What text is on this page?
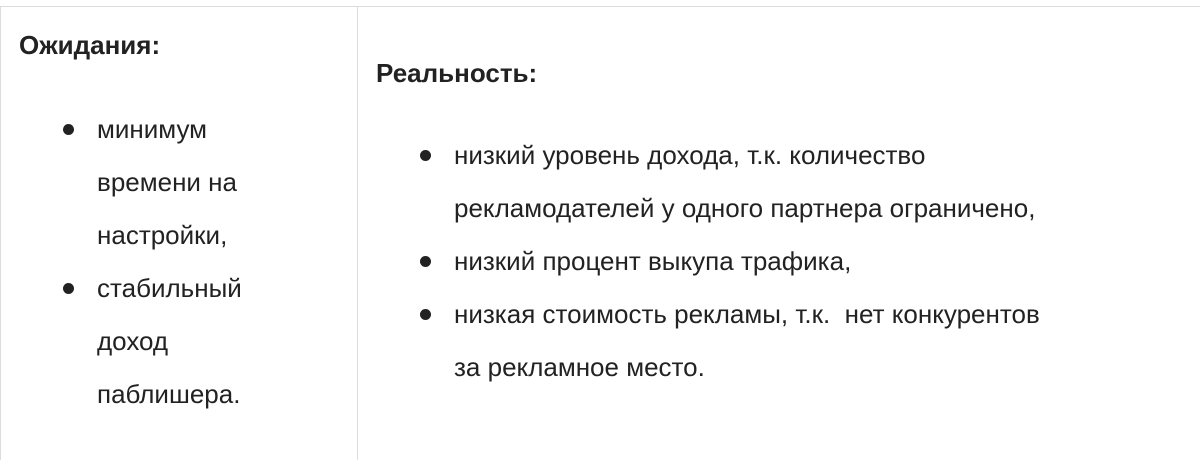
Ожидания:
минимум
времени на
настройки,
стабильный
доход
паблишера.
Реальность:
низкий уровень дохода, т.к. количество
рекламодателей у одного партнера ограничено,
низкий процент выкупа трафика,
низкая стоимость рекламы, т.к.  нет конкурентов
за рекламное место.
